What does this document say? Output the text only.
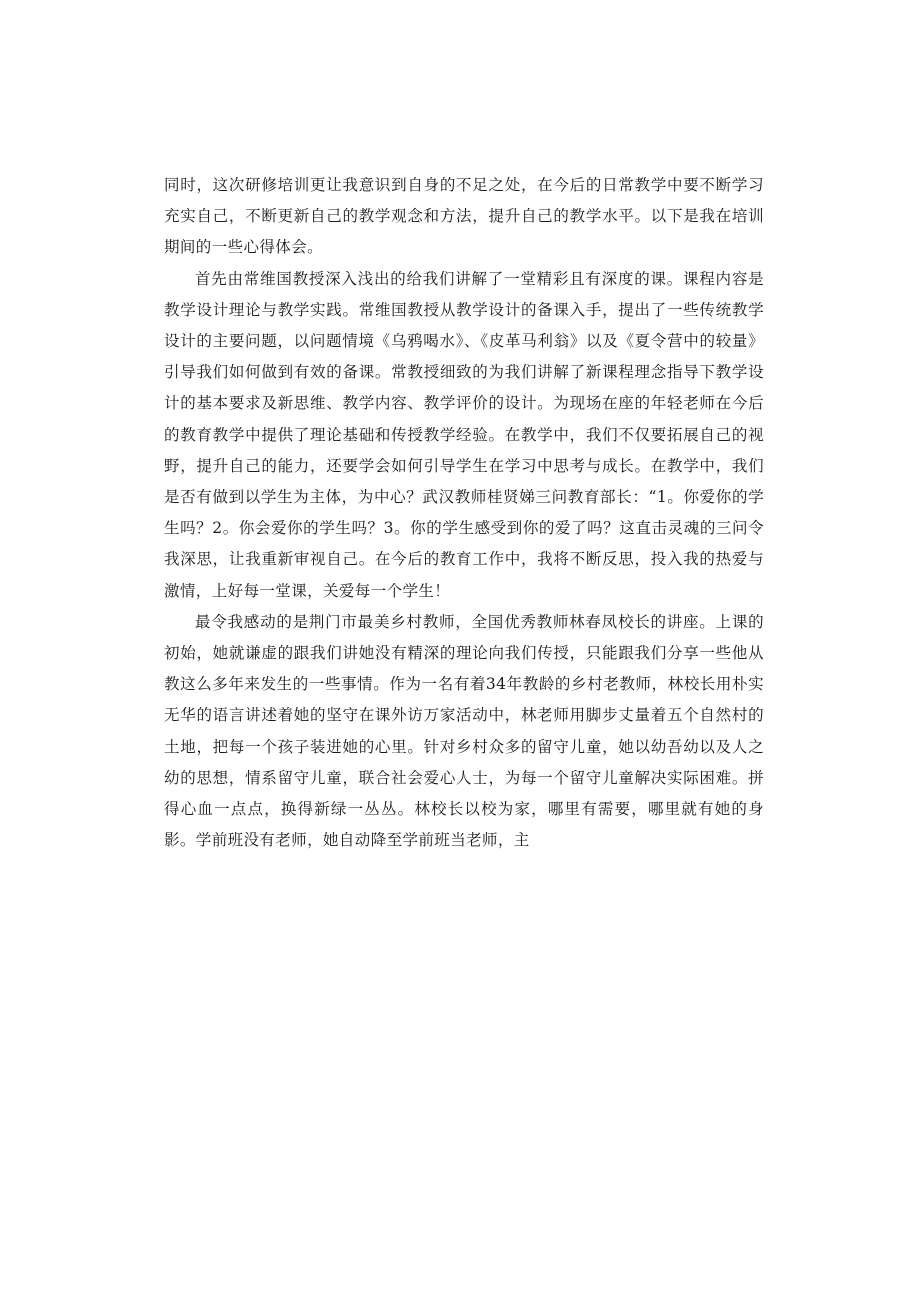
同时，这次研修培训更让我意识到自身的不足之处，在今后的日常教学中要不断学习充实自己，不断更新自己的教学观念和方法，提升自己的教学水平。以下是我在培训期间的一些心得体会。

首先由常维国教授深入浅出的给我们讲解了一堂精彩且有深度的课。课程内容是教学设计理论与教学实践。常维国教授从教学设计的备课入手，提出了一些传统教学设计的主要问题，以问题情境《乌鸦喝水》、《皮革马利翁》以及《夏令营中的较量》引导我们如何做到有效的备课。常教授细致的为我们讲解了新课程理念指导下教学设计的基本要求及新思维、教学内容、教学评价的设计。为现场在座的年轻老师在今后的教育教学中提供了理论基础和传授教学经验。在教学中，我们不仅要拓展自己的视野，提升自己的能力，还要学会如何引导学生在学习中思考与成长。在教学中，我们是否有做到以学生为主体，为中心？武汉教师桂贤娣三问教育部长：“1。你爱你的学生吗？2。你会爱你的学生吗？3。你的学生感受到你的爱了吗？这直击灵魂的三问令我深思，让我重新审视自己。在今后的教育工作中，我将不断反思，投入我的热爱与激情，上好每一堂课，关爱每一个学生！

最令我感动的是荆门市最美乡村教师，全国优秀教师林春凤校长的讲座。上课的初始，她就谦虚的跟我们讲她没有精深的理论向我们传授，只能跟我们分享一些他从教这么多年来发生的一些事情。作为一名有着34年教龄的乡村老教师，林校长用朴实无华的语言讲述着她的坚守在课外访万家活动中，林老师用脚步丈量着五个自然村的土地，把每一个孩子装进她的心里。针对乡村众多的留守儿童，她以幼吾幼以及人之幼的思想，情系留守儿童，联合社会爱心人士，为每一个留守儿童解决实际困难。拼得心血一点点，换得新绿一丛丛。林校长以校为家，哪里有需要，哪里就有她的身影。学前班没有老师，她自动降至学前班当老师，主
